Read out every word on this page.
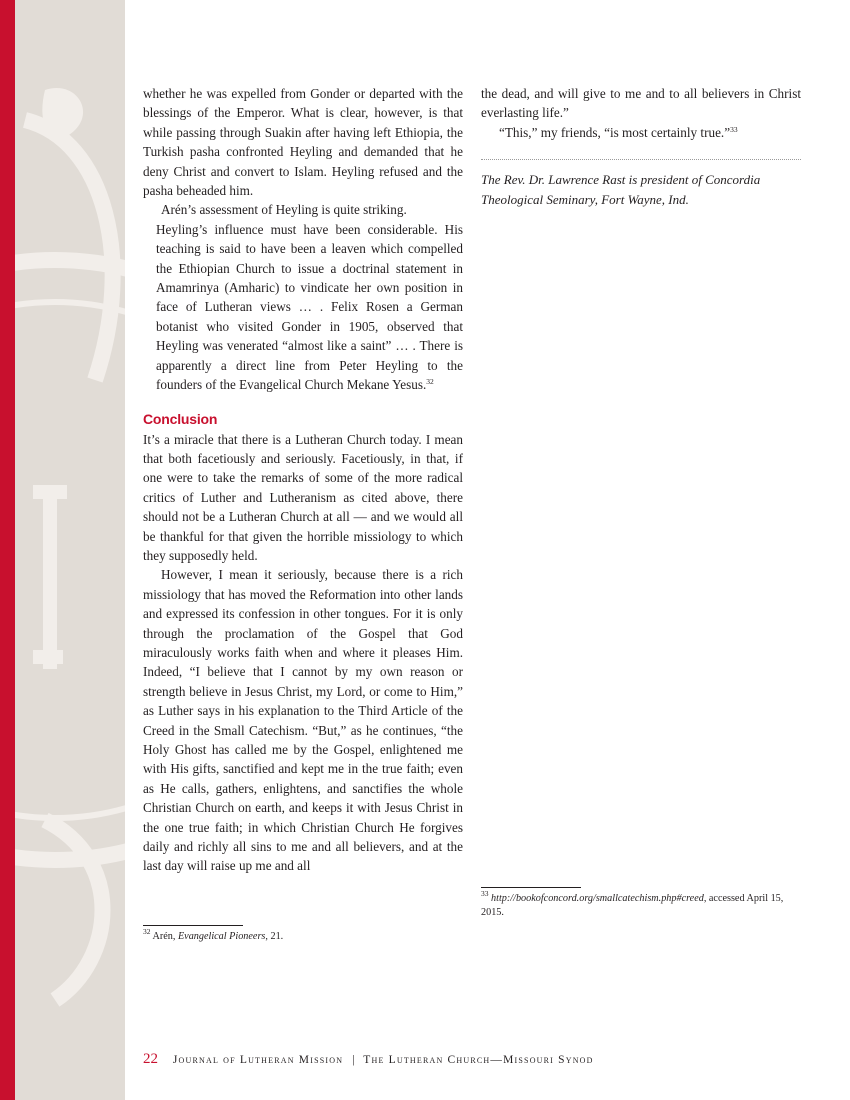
whether he was expelled from Gonder or departed with the blessings of the Emperor. What is clear, however, is that while passing through Suakin after having left Ethiopia, the Turkish pasha confronted Heyling and demanded that he deny Christ and convert to Islam. Heyling refused and the pasha beheaded him.

Arén’s assessment of Heyling is quite striking.

Heyling’s influence must have been considerable. His teaching is said to have been a leaven which compelled the Ethiopian Church to issue a doctrinal statement in Amamrinya (Amharic) to vindicate her own position in face of Lutheran views … . Felix Rosen a German botanist who visited Gonder in 1905, observed that Heyling was venerated “almost like a saint” … . There is apparently a direct line from Peter Heyling to the founders of the Evangelical Church Mekane Yesus.$^{32}$

Conclusion

It’s a miracle that there is a Lutheran Church today. I mean that both facetiously and seriously. Facetiously, in that, if one were to take the remarks of some of the more radical critics of Luther and Lutheranism as cited above, there should not be a Lutheran Church at all — and we would all be thankful for that given the horrible missiology to which they supposedly held.

However, I mean it seriously, because there is a rich missiology that has moved the Reformation into other lands and expressed its confession in other tongues. For it is only through the proclamation of the Gospel that God miraculously works faith when and where it pleases Him. Indeed, “I believe that I cannot by my own reason or strength believe in Jesus Christ, my Lord, or come to Him,” as Luther says in his explanation to the Third Article of the Creed in the Small Catechism. “But,” as he continues, “the Holy Ghost has called me by the Gospel, enlightened me with His gifts, sanctified and kept me in the true faith; even as He calls, gathers, enlightens, and sanctifies the whole Christian Church on earth, and keeps it with Jesus Christ in the one true faith; in which Christian Church He forgives daily and richly all sins to me and all believers, and at the last day will raise up me and all

the dead, and will give to me and to all believers in Christ everlasting life.”

“This,” my friends, “is most certainly true.”$^{33}$

The Rev. Dr. Lawrence Rast is president of Concordia Theological Seminary, Fort Wayne, Ind.

$^{32}$ Arén, Evangelical Pioneers, 21.
$^{33}$ http://bookofconcord.org/smallcatechism.php#creed, accessed April 15, 2015.
22 Journal of Lutheran Mission | The Lutheran Church—Missouri Synod
